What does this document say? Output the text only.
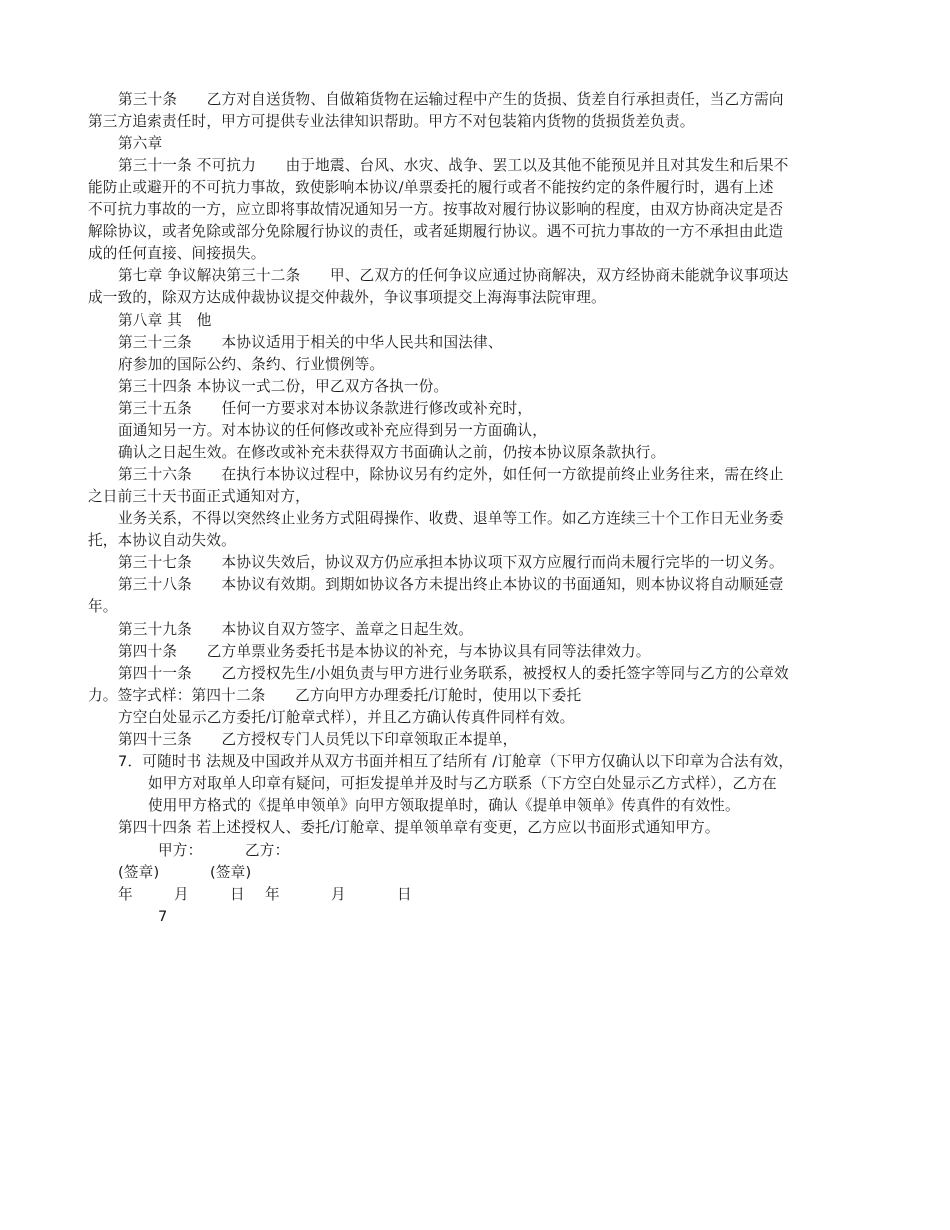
第三十条　　乙方对自送货物、自做箱货物在运输过程中产生的货损、货差自行承担责任，当乙方需向
第三方追索责任时，甲方可提供专业法律知识帮助。甲方不对包装箱内货物的货损货差负责。
第六章
第三十一条 不可抗力　　由于地震、台风、水灾、战争、罢工以及其他不能预见并且对其发生和后果不
能防止或避开的不可抗力事故，致使影响本协议/单票委托的履行或者不能按约定的条件履行时，遇有上述
不可抗力事故的一方，应立即将事故情况通知另一方。按事故对履行协议影响的程度，由双方协商决定是否
解除协议，或者免除或部分免除履行协议的责任，或者延期履行协议。遇不可抗力事故的一方不承担由此造
成的任何直接、间接损失。
第七章 争议解决第三十二条　　甲、乙双方的任何争议应通过协商解决，双方经协商未能就争议事项达
成一致的，除双方达成仲裁协议提交仲裁外，争议事项提交上海海事法院审理。
第八章 其　他
第三十三条　　本协议适用于相关的中华人民共和国法律、
府参加的国际公约、条约、行业惯例等。
第三十四条 本协议一式二份，甲乙双方各执一份。
第三十五条　　任何一方要求对本协议条款进行修改或补充时，
面通知另一方。对本协议的任何修改或补充应得到另一方面确认，
确认之日起生效。在修改或补充未获得双方书面确认之前，仍按本协议原条款执行。
第三十六条　　在执行本协议过程中，除协议另有约定外，如任何一方欲提前终止业务往来，需在终止
之日前三十天书面正式通知对方，
业务关系，不得以突然终止业务方式阻碍操作、收费、退单等工作。如乙方连续三十个工作日无业务委
托，本协议自动失效。
第三十七条　　本协议失效后，协议双方仍应承担本协议项下双方应履行而尚未履行完毕的一切义务。
第三十八条　　本协议有效期。到期如协议各方未提出终止本协议的书面通知，则本协议将自动顺延壹
年。
第三十九条　　本协议自双方签字、盖章之日起生效。
第四十条　　乙方单票业务委托书是本协议的补充，与本协议具有同等法律效力。
第四十一条　　乙方授权先生/小姐负责与甲方进行业务联系，被授权人的委托签字等同与乙方的公章效
力。签字式样：第四十二条　　乙方向甲方办理委托/订舱时，使用以下委托
方空白处显示乙方委托/订舱章式样），并且乙方确认传真件同样有效。
第四十三条　　乙方授权专门人员凭以下印章领取正本提单，
7．可随时书 法规及中国政并从双方书面并相互了结所有 /订舱章（下甲方仅确认以下印章为合法有效，
如甲方对取单人印章有疑问，可拒发提单并及时与乙方联系（下方空白处显示乙方式样），乙方在
使用甲方格式的《提单申领单》向甲方领取提单时，确认《提单申领单》传真件的有效性。
第四十四条 若上述授权人、委托/订舱章、提单领单章有变更，乙方应以书面形式通知甲方。
甲方：	乙方：
(签章)	(签章)
年	月	日 年	月	日
7
